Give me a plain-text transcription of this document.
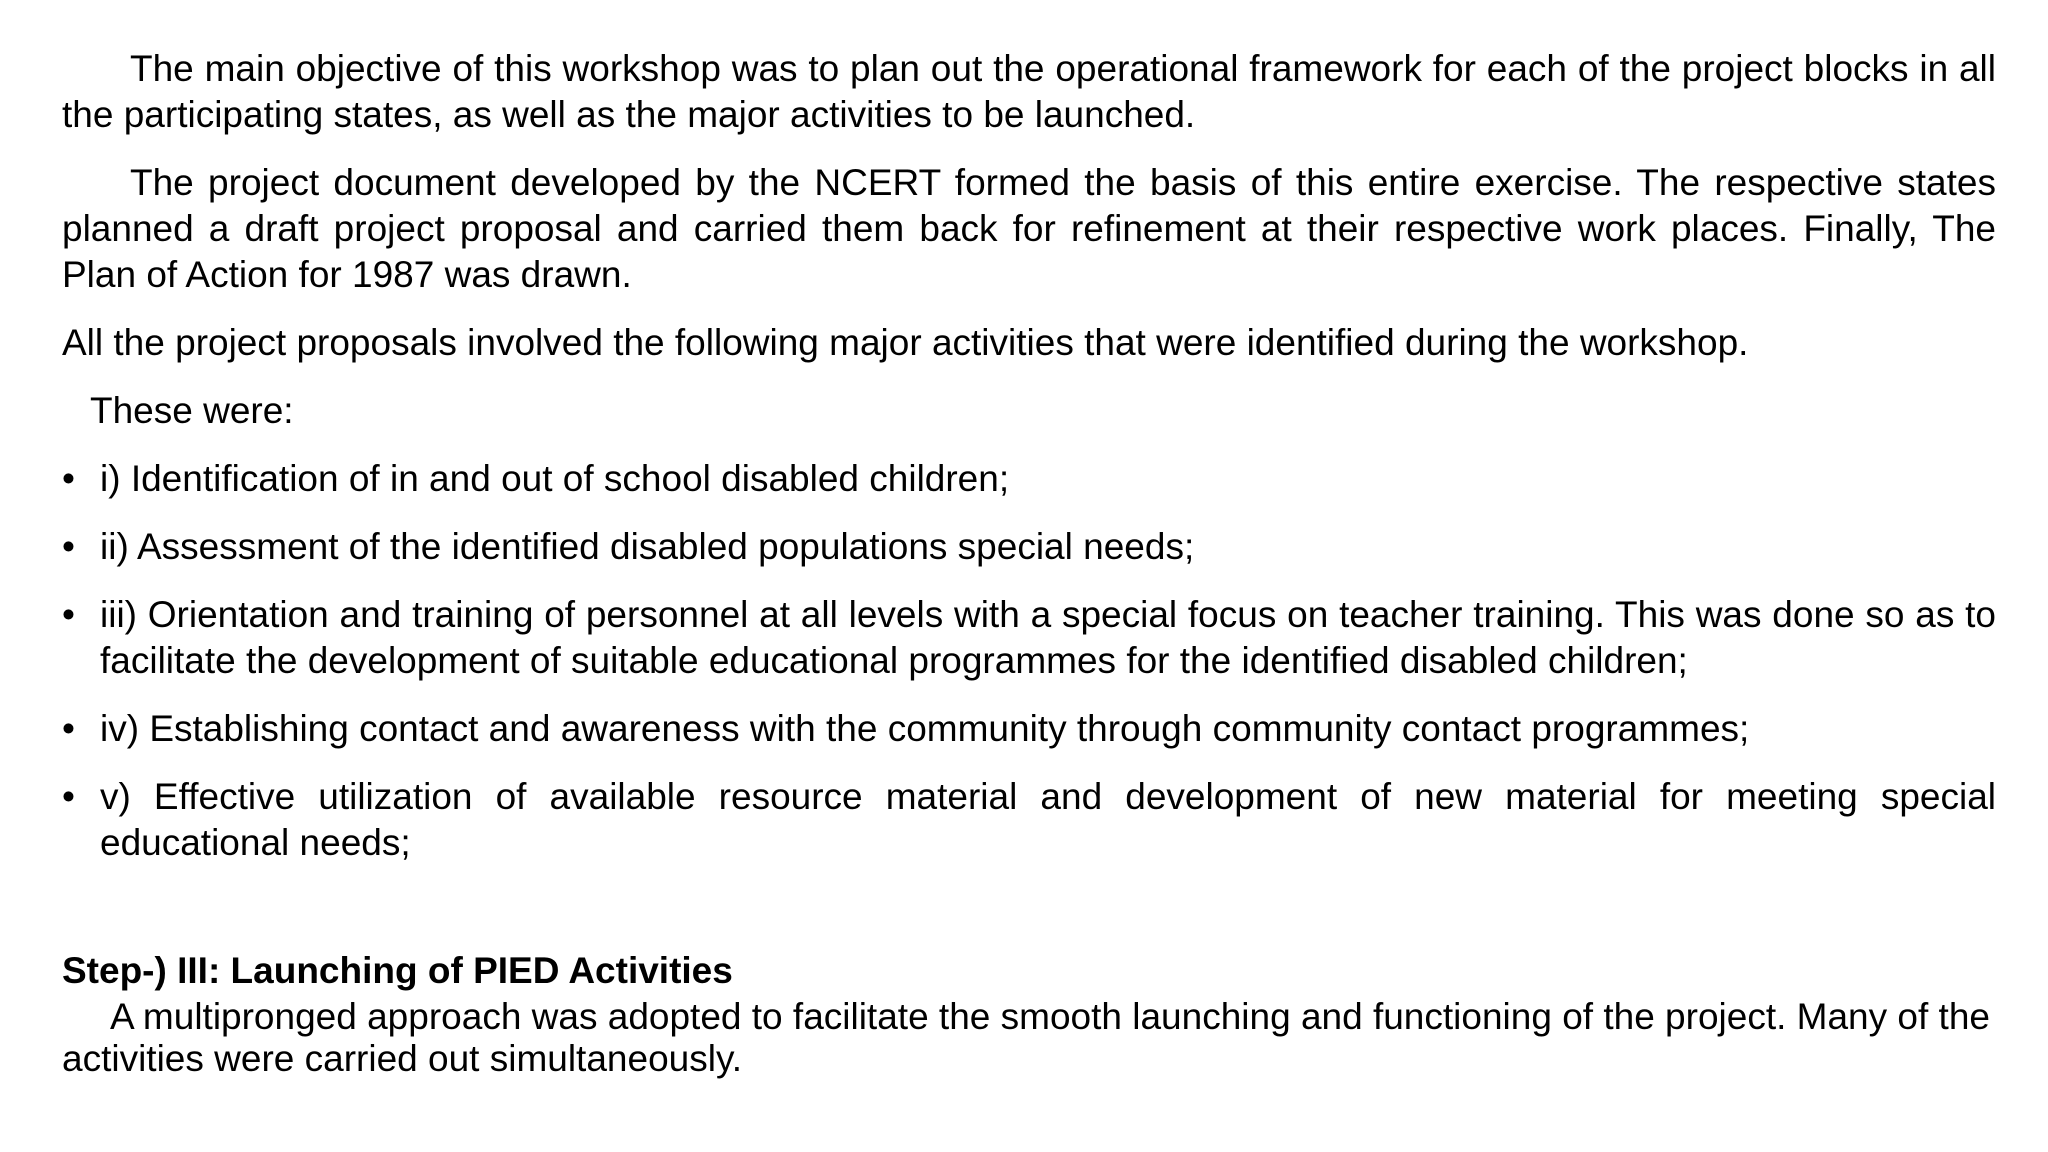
The main objective of this workshop was to plan out the operational framework for each of the project blocks in all the participating states, as well as the major activities to be launched.

The project document developed by the NCERT formed the basis of this entire exercise. The respective states planned a draft project proposal and carried them back for refinement at their respective work places. Finally, The Plan of Action for 1987 was drawn.

All the project proposals involved the following major activities that were identified during the workshop.

These were:

• i) Identification of in and out of school disabled children;
• ii) Assessment of the identified disabled populations special needs;
• iii) Orientation and training of personnel at all levels with a special focus on teacher training. This was done so as to facilitate the development of suitable educational programmes for the identified disabled children;
• iv) Establishing contact and awareness with the community through community contact programmes;
• v) Effective utilization of available resource material and development of new material for meeting special educational needs;

Step-) III: Launching of PIED Activities

A multipronged approach was adopted to facilitate the smooth launching and functioning of the project. Many of the activities were carried out simultaneously.
